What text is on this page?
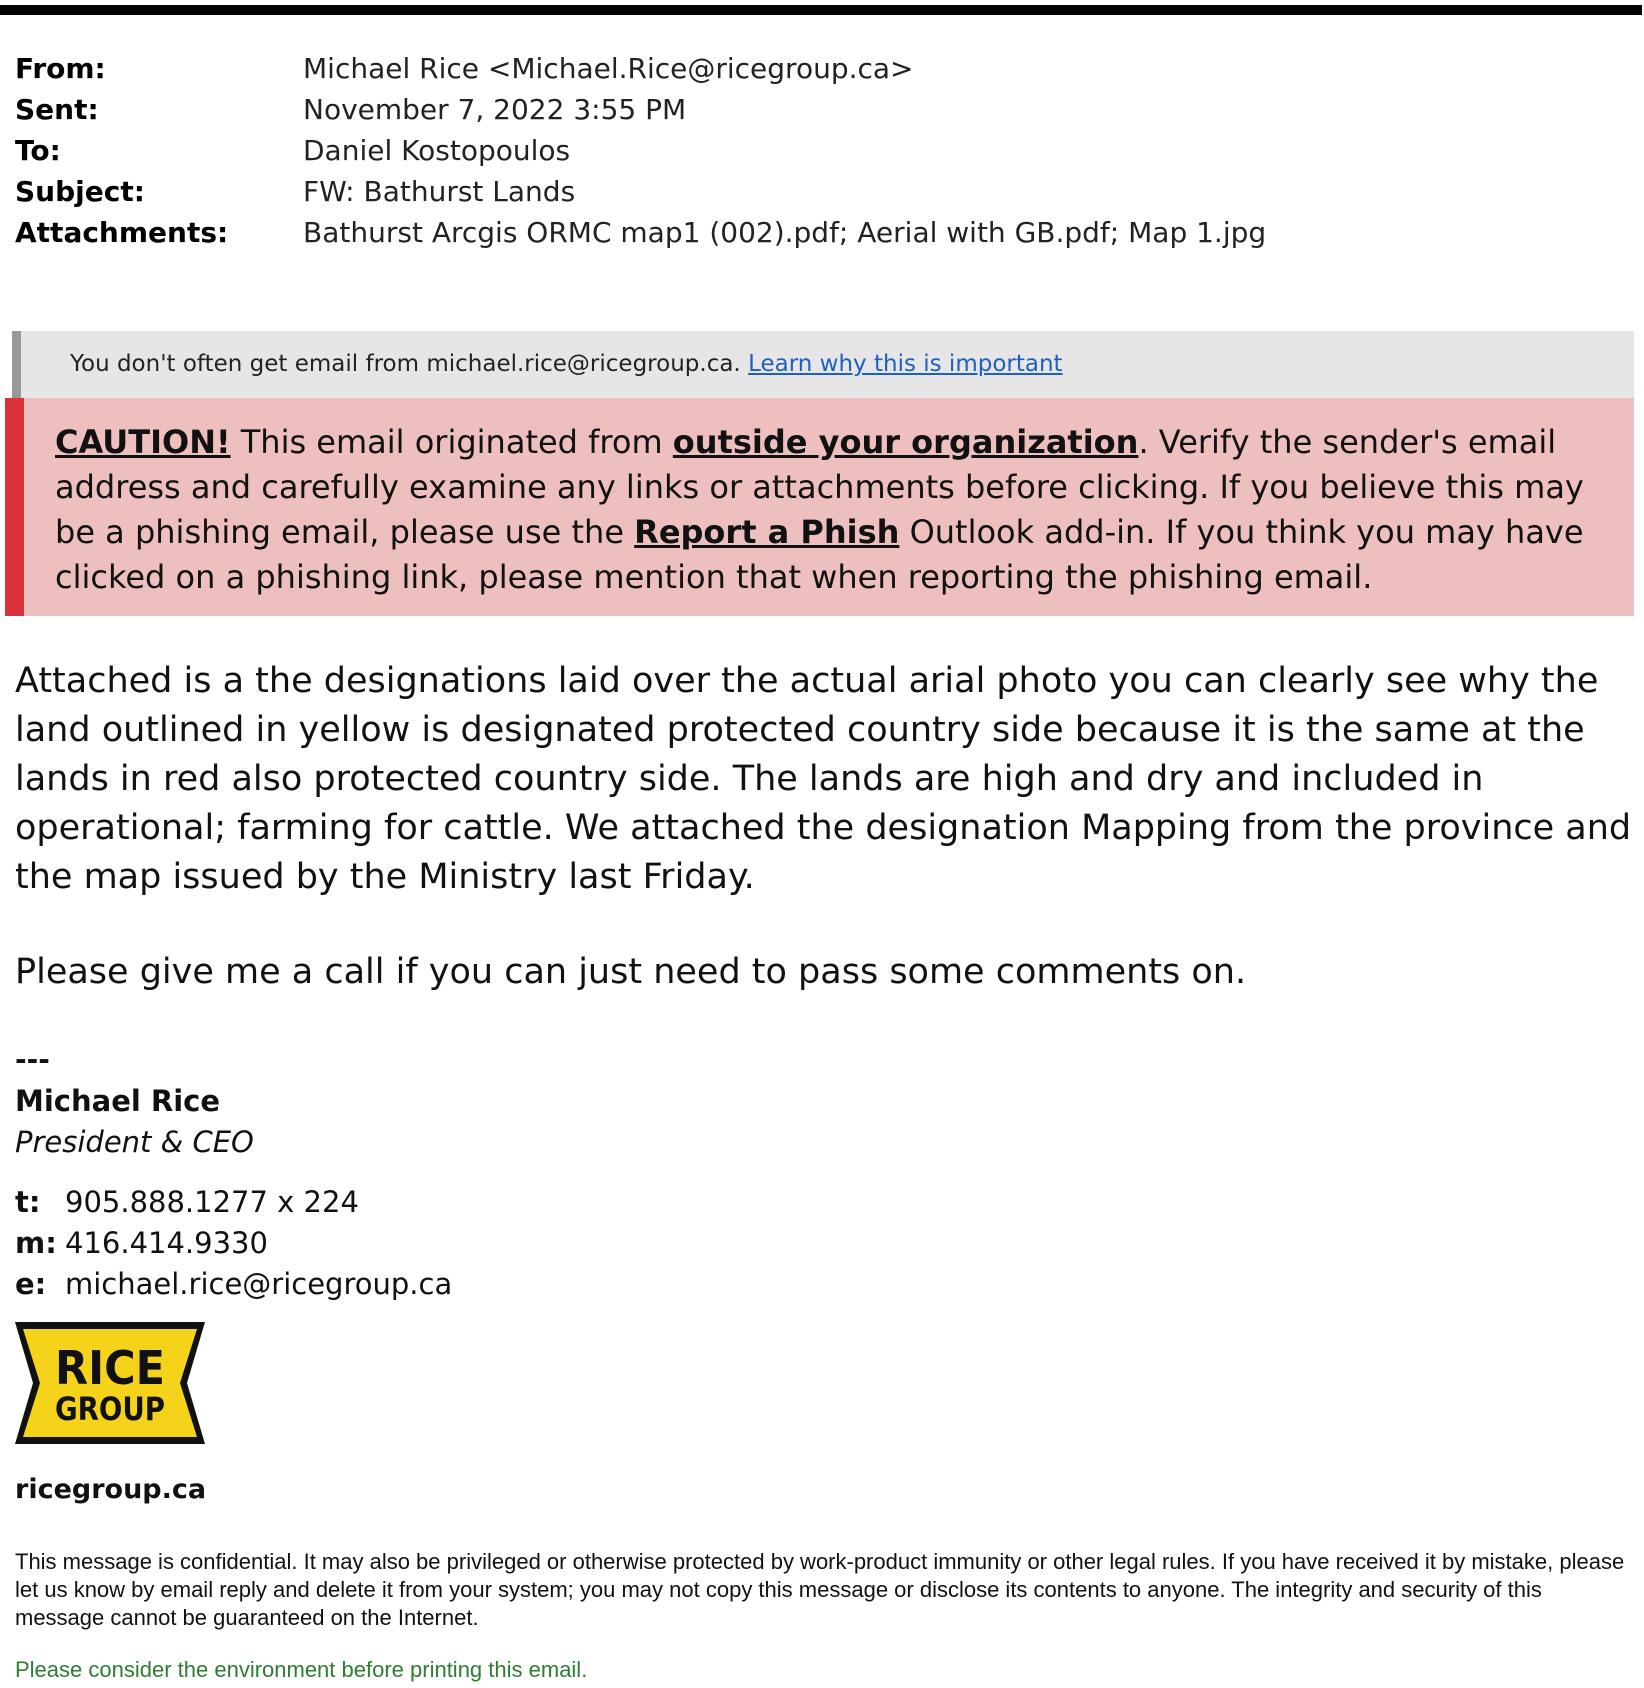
From:	Michael Rice <Michael.Rice@ricegroup.ca>
Sent:	November 7, 2022 3:55 PM
To:	Daniel Kostopoulos
Subject:	FW: Bathurst Lands
Attachments:	Bathurst Arcgis ORMC map1 (002).pdf; Aerial with GB.pdf; Map 1.jpg
You don't often get email from michael.rice@ricegroup.ca. Learn why this is important
CAUTION! This email originated from outside your organization. Verify the sender's email address and carefully examine any links or attachments before clicking. If you believe this may be a phishing email, please use the Report a Phish Outlook add-in. If you think you may have clicked on a phishing link, please mention that when reporting the phishing email.
Attached is a the designations laid over the actual arial photo you can clearly see why the land outlined in yellow is designated protected country side because it is the same at the lands in red also protected country side. The lands are high and dry and included in operational; farming for cattle. We attached the designation Mapping from the province and the map issued by the Ministry last Friday.
Please give me a call if you can just need to pass some comments on.
---
Michael Rice
President & CEO
t: 905.888.1277 x 224
m: 416.414.9330
e: michael.rice@ricegroup.ca
RICE
GROUP
ricegroup.ca
This message is confidential. It may also be privileged or otherwise protected by work-product immunity or other legal rules. If you have received it by mistake, please let us know by email reply and delete it from your system; you may not copy this message or disclose its contents to anyone. The integrity and security of this message cannot be guaranteed on the Internet.
Please consider the environment before printing this email.
